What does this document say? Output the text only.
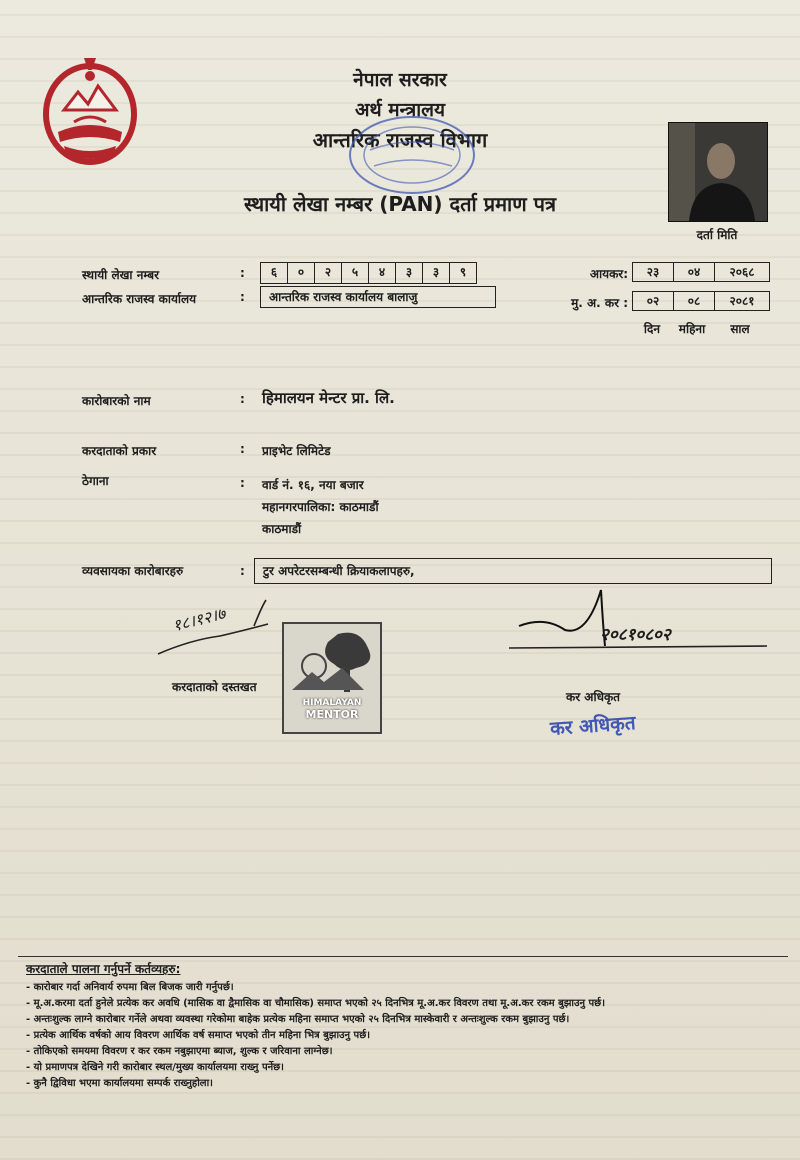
नेपाल सरकार
अर्थ मन्त्रालय
आन्तरिक राजस्व विभाग
स्थायी लेखा नम्बर (PAN) दर्ता प्रमाण पत्र
दर्ता मिति
आयकर:	२३	०४	२०६८
मु. अ. कर :	०२	०८	२०८१
दिन	महिना	साल
स्थायी लेखा नम्बर	:	६	०	२	५	४	३	३	९
आन्तरिक राजस्व कार्यालय	:	आन्तरिक राजस्व कार्यालय बालाजु
कारोबारको नाम	: हिमालयन मेन्टर प्रा. लि.
करदाताको प्रकार	: प्राइभेट लिमिटेड
ठेगाना	: वार्ड नं. १६, नया बजार
महानगरपालिका: काठमाडौं
काठमाडौं
व्यवसायका कारोबारहरु	:	टुर अपरेटरसम्बन्धी क्रियाकलापहरु,
१८।१२।७
करदाताको दस्तखत
HIMALAYAN
MENTOR
२०८१०८०२
कर अधिकृत
कर अधिकृत
करदाताले पालना गर्नुपर्ने कर्तव्यहरु:
- कारोबार गर्दा अनिवार्य रुपमा बिल बिजक जारी गर्नुपर्छ।
- मू.अ.करमा दर्ता हुनेले प्रत्येक कर अवधि (मासिक वा द्वैमासिक वा चौमासिक) समाप्त भएको २५ दिनभित्र मू.अ.कर विवरण तथा मू.अ.कर रकम बुझाउनु पर्छ।
- अन्तःशुल्क लाग्ने कारोबार गर्नेले अथवा व्यवस्था गरेकोमा बाहेक प्रत्येक महिना समाप्त भएको २५ दिनभित्र मास्केवारी र अन्तःशुल्क रकम बुझाउनु पर्छ।
- प्रत्येक आर्थिक वर्षको आय विवरण आर्थिक वर्ष समाप्त भएको तीन महिना भित्र बुझाउनु पर्छ।
- तोकिएको समयमा विवरण र कर रकम नबुझाएमा ब्याज, शुल्क र जरिवाना लाग्नेछ।
- यो प्रमाणपत्र देखिने गरी कारोबार स्थल/मुख्य कार्यालयमा राख्नु पर्नेछ।
- कुनै द्विविधा भएमा कार्यालयमा सम्पर्क राख्नुहोला।
